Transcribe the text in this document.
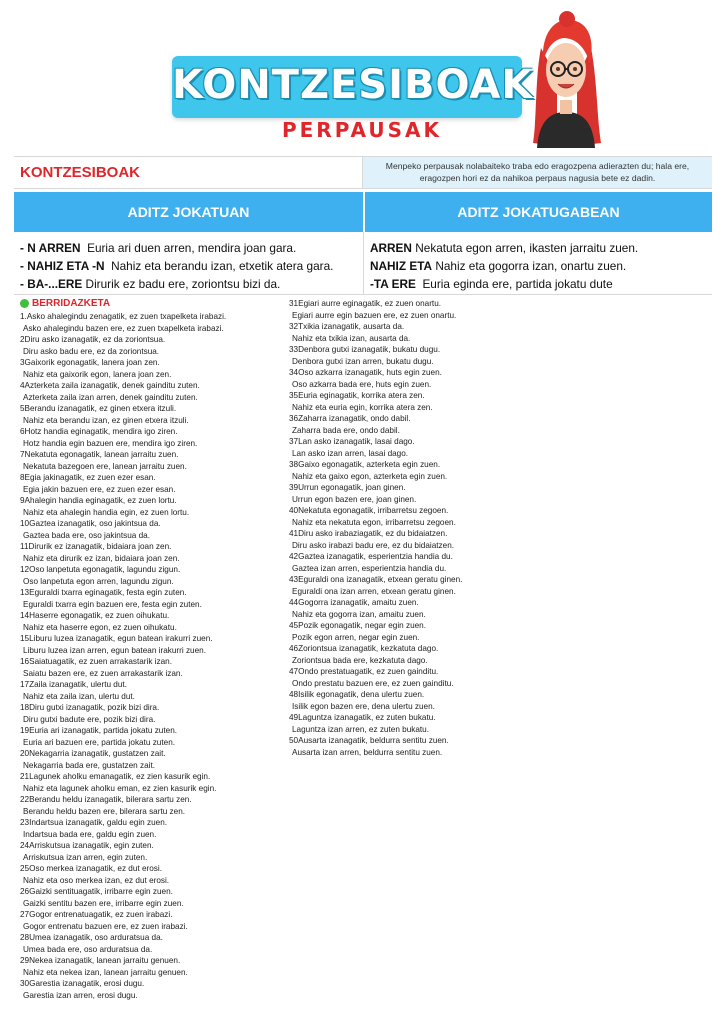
KONTZESIBOAK
PERPAUSAK
KONTZESIBOAK	Menpeko perpausak nolabaiteko traba edo eragozpena adierazten du; hala ere, eragozpen hori ez da nahikoa perpaus nagusia bete ez dadin.
ADITZ JOKATUAN	ADITZ JOKATUGABEAN
- N ARREN Euria ari duen arren, mendira joan gara.
- NAHIZ ETA -N Nahiz eta berandu izan, etxetik atera gara.
- BA-...ERE Dirurik ez badu ere, zoriontsu bizi da.
ARREN Nekatuta egon arren, ikasten jarraitu zuen.
NAHIZ ETA Nahiz eta gogorra izan, onartu zuen.
-TA ERE Euria eginda ere, partida jokatu dute
BERRIDAZKETA
1.Asko ahalegindu zenagatik, ez zuen txapelketa irabazi.
Asko ahalegindu bazen ere, ez zuen txapelketa irabazi.
2Diru asko izanagatik, ez da zoriontsua.
Diru asko badu ere, ez da zoriontsua.
3Gaixorik egonagatik, lanera joan zen.
Nahiz eta gaixorik egon, lanera joan zen.
4Azterketa zaila izanagatik, denek gainditu zuten.
Azterketa zaila izan arren, denek gainditu zuten.
5Berandu izanagatik, ez ginen etxera itzuli.
Nahiz eta berandu izan, ez ginen etxera itzuli.
6Hotz handia eginagatik, mendira igo ziren.
Hotz handia egin bazuen ere, mendira igo ziren.
7Nekatuta egonagatik, lanean jarraitu zuen.
Nekatuta bazegoen ere, lanean jarraitu zuen.
8Egia jakinagatik, ez zuen ezer esan.
Egia jakin bazuen ere, ez zuen ezer esan.
9Ahalegin handia eginagatik, ez zuen lortu.
Nahiz eta ahalegin handia egin, ez zuen lortu.
10Gaztea izanagatik, oso jakintsua da.
Gaztea bada ere, oso jakintsua da.
11Dirurik ez izanagatik, bidaiara joan zen.
Nahiz eta dirurik ez izan, bidaiara joan zen.
12Oso lanpetuta egonagatik, lagundu zigun.
Oso lanpetuta egon arren, lagundu zigun.
13Eguraldi txarra eginagatik, festa egin zuten.
Eguraldi txarra egin bazuen ere, festa egin zuten.
14Haserre egonagatik, ez zuen oihukatu.
Nahiz eta haserre egon, ez zuen oihukatu.
15Liburu luzea izanagatik, egun batean irakurri zuen.
Liburu luzea izan arren, egun batean irakurri zuen.
16Saiatuagatik, ez zuen arrakastarik izan.
Saiatu bazen ere, ez zuen arrakastarik izan.
17Zaila izanagatik, ulertu dut.
Nahiz eta zaila izan, ulertu dut.
18Diru gutxi izanagatik, pozik bizi dira.
Diru gutxi badute ere, pozik bizi dira.
19Euria ari izanagatik, partida jokatu zuten.
Euria ari bazuen ere, partida jokatu zuten.
20Nekagarria izanagatik, gustatzen zait.
Nekagarria bada ere, gustatzen zait.
21Lagunek aholku emanagatik, ez zien kasurik egin.
Nahiz eta lagunek aholku eman, ez zien kasurik egin.
22Berandu heldu izanagatik, bilerara sartu zen.
Berandu heldu bazen ere, bilerara sartu zen.
23Indartsua izanagatik, galdu egin zuen.
Indartsua bada ere, galdu egin zuen.
24Arriskutsua izanagatik, egin zuten.
Arriskutsua izan arren, egin zuten.
25Oso merkea izanagatik, ez dut erosi.
Nahiz eta oso merkea izan, ez dut erosi.
26Gaizki sentituagatik, irribarre egin zuen.
Gaizki sentitu bazen ere, irribarre egin zuen.
27Gogor entrenatuagatik, ez zuen irabazi.
Gogor entrenatu bazuen ere, ez zuen irabazi.
28Umea izanagatik, oso arduratsua da.
Umea bada ere, oso arduratsua da.
29Nekea izanagatik, lanean jarraitu genuen.
Nahiz eta nekea izan, lanean jarraitu genuen.
30Garestia izanagatik, erosi dugu.
Garestia izan arren, erosi dugu.
31Egiari aurre eginagatik, ez zuen onartu.
Egiari aurre egin bazuen ere, ez zuen onartu.
32Txikia izanagatik, ausarta da.
Nahiz eta txikia izan, ausarta da.
33Denbora gutxi izanagatik, bukatu dugu.
Denbora gutxi izan arren, bukatu dugu.
34Oso azkarra izanagatik, huts egin zuen.
Oso azkarra bada ere, huts egin zuen.
35Euria eginagatik, korrika atera zen.
Nahiz eta euria egin, korrika atera zen.
36Zaharra izanagatik, ondo dabil.
Zaharra bada ere, ondo dabil.
37Lan asko izanagatik, lasai dago.
Lan asko izan arren, lasai dago.
38Gaixo egonagatik, azterketa egin zuen.
Nahiz eta gaixo egon, azterketa egin zuen.
39Urrun egonagatik, joan ginen.
Urrun egon bazen ere, joan ginen.
40Nekatuta egonagatik, irribarretsu zegoen.
Nahiz eta nekatuta egon, irribarretsu zegoen.
41Diru asko irabaziagatik, ez du bidaiatzen.
Diru asko irabazi badu ere, ez du bidaiatzen.
42Gaztea izanagatik, esperientzia handia du.
Gaztea izan arren, esperientzia handia du.
43Eguraldi ona izanagatik, etxean geratu ginen.
Eguraldi ona izan arren, etxean geratu ginen.
44Gogorra izanagatik, amaitu zuen.
Nahiz eta gogorra izan, amaitu zuen.
45Pozik egonagatik, negar egin zuen.
Pozik egon arren, negar egin zuen.
46Zoriontsua izanagatik, kezkatuta dago.
Zoriontsua bada ere, kezkatuta dago.
47Ondo prestatuagatik, ez zuen gainditu.
Ondo prestatu bazuen ere, ez zuen gainditu.
48Isilik egonagatik, dena ulertu zuen.
Isilik egon bazen ere, dena ulertu zuen.
49Laguntza izanagatik, ez zuten bukatu.
Laguntza izan arren, ez zuten bukatu.
50Ausarta izanagatik, beldurra sentitu zuen.
Ausarta izan arren, beldurra sentitu zuen.
